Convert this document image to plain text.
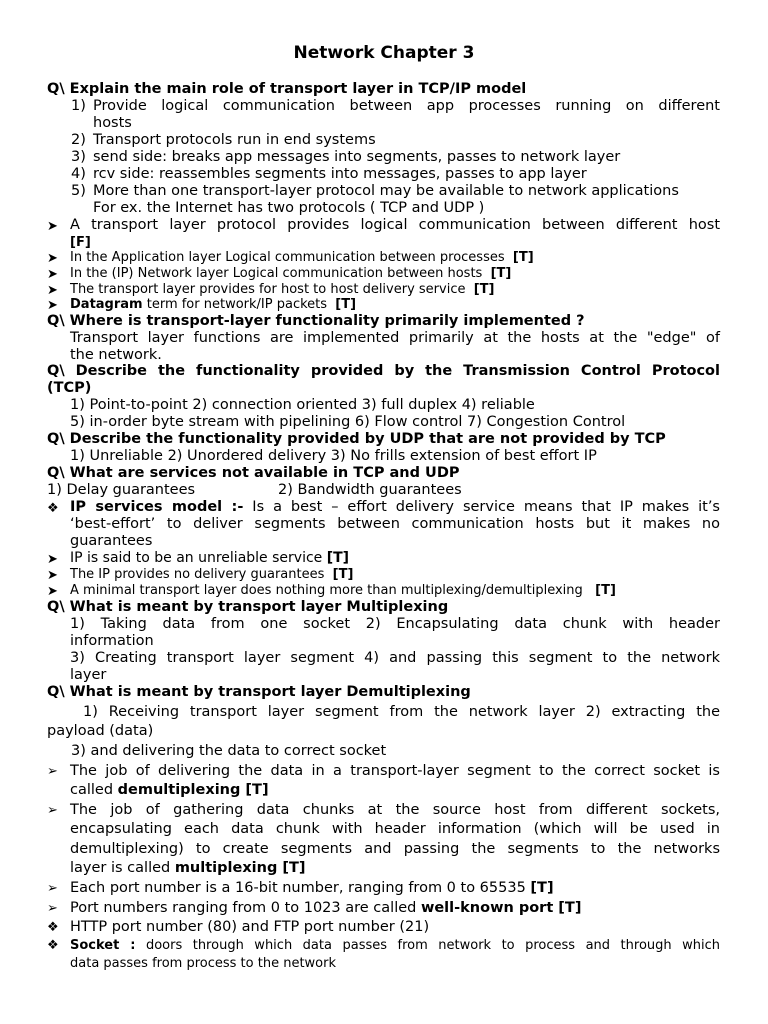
Network Chapter 3
Q\ Explain the main role of transport layer in TCP/IP model
1) Provide logical communication between app processes running on different
hosts
2) Transport protocols run in end systems
3) send side: breaks app messages into segments, passes to network layer
4) rcv side: reassembles segments into messages, passes to app layer
5) More than one transport-layer protocol may be available to network applications
For ex. the Internet has two protocols ( TCP and UDP )
➤ A transport layer protocol provides logical communication between different host
[F]
➤ In the Application layer Logical communication between processes [T]
➤ In the (IP) Network layer Logical communication between hosts [T]
➤ The transport layer provides for host to host delivery service [T]
➤ Datagram term for network/IP packets [T]
Q\ Where is transport-layer functionality primarily implemented ?
Transport layer functions are implemented primarily at the hosts at the "edge" of
the network.
Q\ Describe the functionality provided by the Transmission Control Protocol
(TCP)
1) Point-to-point 2) connection oriented 3) full duplex 4) reliable
5) in-order byte stream with pipelining 6) Flow control 7) Congestion Control
Q\ Describe the functionality provided by UDP that are not provided by TCP
1) Unreliable 2) Unordered delivery 3) No frills extension of best effort IP
Q\ What are services not available in TCP and UDP
1) Delay guarantees	2) Bandwidth guarantees
❖ IP services model :- Is a best – effort delivery service means that IP makes it’s
‘best-effort’ to deliver segments between communication hosts but it makes no
guarantees
➤ IP is said to be an unreliable service [T]
➤ The IP provides no delivery guarantees [T]
➤ A minimal transport layer does nothing more than multiplexing/demultiplexing [T]
Q\ What is meant by transport layer Multiplexing
1) Taking data from one socket 2) Encapsulating data chunk with header
information
3) Creating transport layer segment 4) and passing this segment to the network
layer
Q\ What is meant by transport layer Demultiplexing
1) Receiving transport layer segment from the network layer 2) extracting the
payload (data)
3) and delivering the data to correct socket
➢ The job of delivering the data in a transport-layer segment to the correct socket is
called demultiplexing [T]
➢ The job of gathering data chunks at the source host from different sockets,
encapsulating each data chunk with header information (which will be used in
demultiplexing) to create segments and passing the segments to the networks
layer is called multiplexing [T]
➢ Each port number is a 16-bit number, ranging from 0 to 65535 [T]
➢ Port numbers ranging from 0 to 1023 are called well-known port [T]
❖ HTTP port number (80) and FTP port number (21)
❖ Socket : doors through which data passes from network to process and through which
data passes from process to the network
